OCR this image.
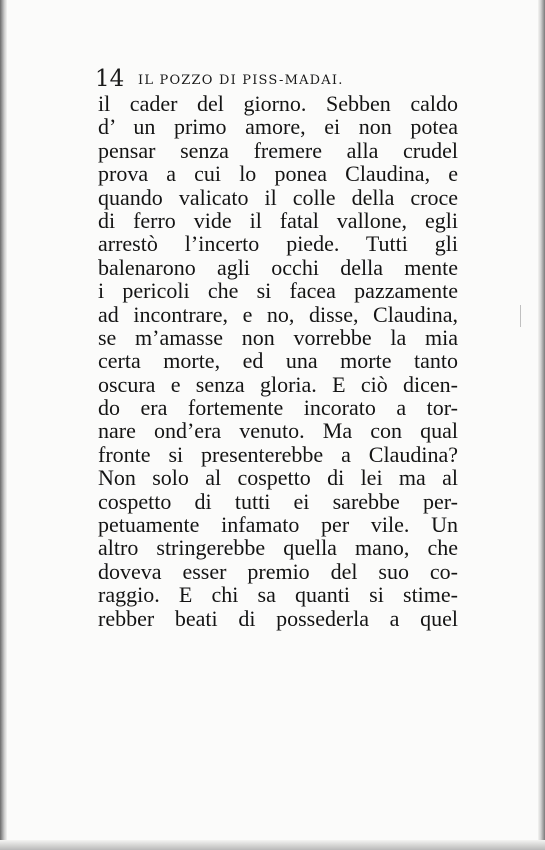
14 IL POZZO DI PISS-MADAI.
il cader del giorno. Sebben caldo
d’ un primo amore, ei non potea
pensar senza fremere alla crudel
prova a cui lo ponea Claudina, e
quando valicato il colle della croce
di ferro vide il fatal vallone, egli
arrestò l’incerto piede. Tutti gli
balenarono agli occhi della mente
i pericoli che si facea pazzamente
ad incontrare, e no, disse, Claudina,
se m’amasse non vorrebbe la mia
certa morte, ed una morte tanto
oscura e senza gloria. E ciò dicen-
do era fortemente incorato a tor-
nare ond’era venuto. Ma con qual
fronte si presenterebbe a Claudina?
Non solo al cospetto di lei ma al
cospetto di tutti ei sarebbe per-
petuamente infamato per vile. Un
altro stringerebbe quella mano, che
doveva esser premio del suo co-
raggio. E chi sa quanti si stime-
rebber beati di possederla a quel
